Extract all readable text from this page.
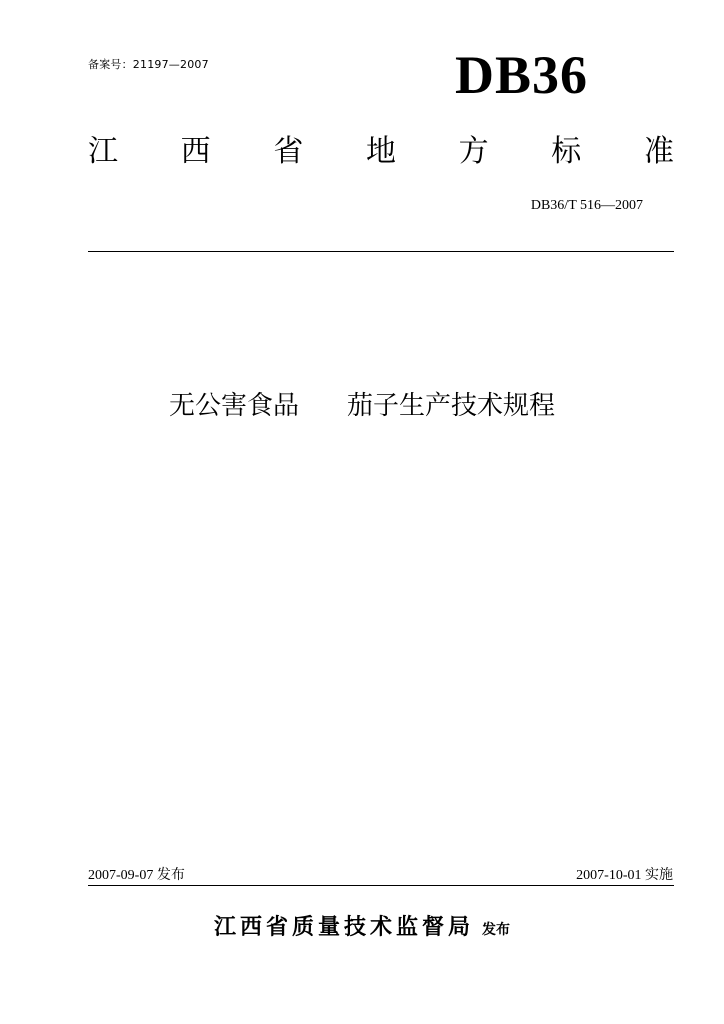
备案号：21197—2007	DB36
江 西 省 地 方 标 准
DB36/T 516—2007
无公害食品 茄子生产技术规程
2007-09-07 发布	2007-10-01 实施
江西省质量技术监督局 发布
